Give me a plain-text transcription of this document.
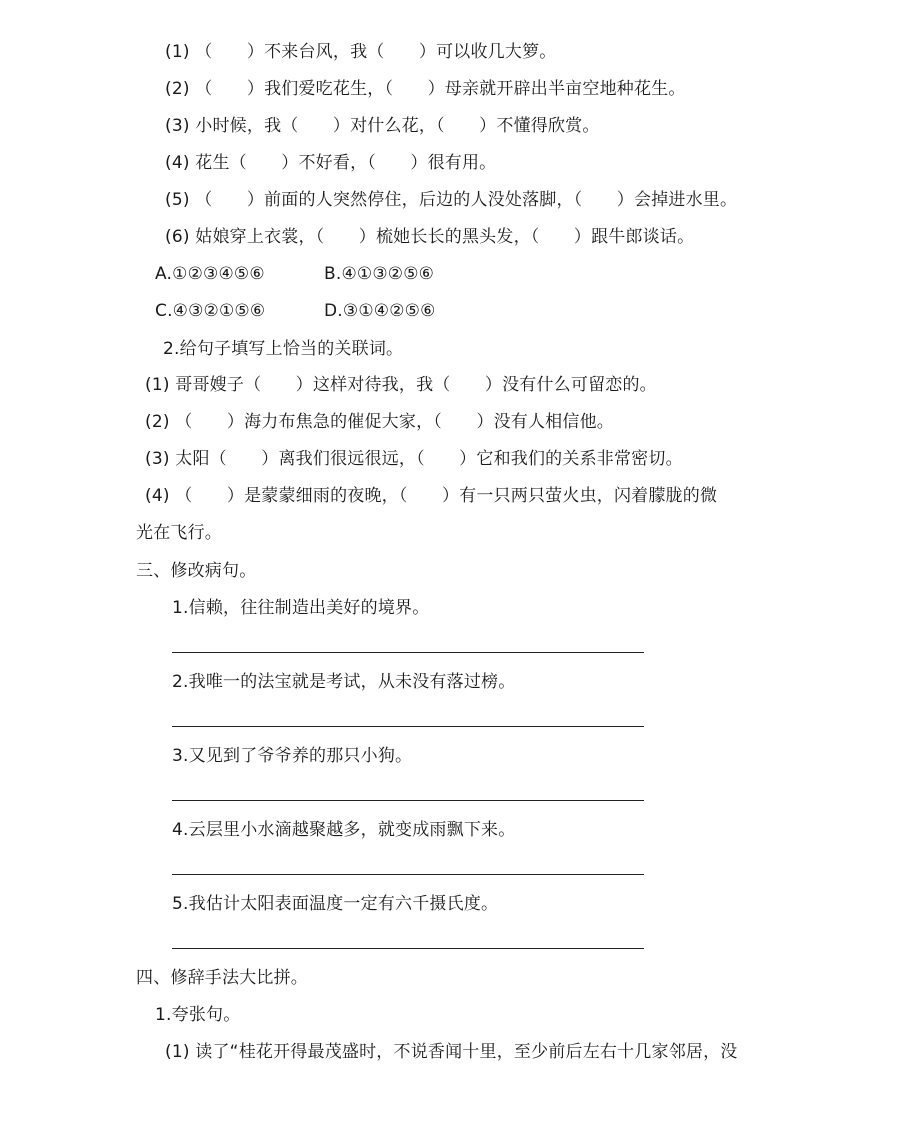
(1) （　　）不来台风，我（　　）可以收几大箩。
(2) （　　）我们爱吃花生，（　　）母亲就开辟出半亩空地种花生。
(3) 小时候，我（　　）对什么花，（　　）不懂得欣赏。
(4) 花生（　　）不好看，（　　）很有用。
(5) （　　）前面的人突然停住，后边的人没处落脚，（　　）会掉进水里。
(6) 姑娘穿上衣裳，（　　）梳她长长的黑头发，（　　）跟牛郎谈话。
A.①②③④⑤⑥	B.④①③②⑤⑥
C.④③②①⑤⑥	D.③①④②⑤⑥
2.给句子填写上恰当的关联词。
(1) 哥哥嫂子（　　）这样对待我，我（　　）没有什么可留恋的。
(2) （　　）海力布焦急的催促大家，（　　）没有人相信他。
(3) 太阳（　　）离我们很远很远，（　　）它和我们的关系非常密切。
(4) （　　）是蒙蒙细雨的夜晚，（　　）有一只两只萤火虫，闪着朦胧的微
光在飞行。
三、修改病句。
1.信赖，往往制造出美好的境界。
2.我唯一的法宝就是考试，从未没有落过榜。
3.又见到了爷爷养的那只小狗。
4.云层里小水滴越聚越多，就变成雨飘下来。
5.我估计太阳表面温度一定有六千摄氏度。
四、修辞手法大比拼。
1.夸张句。
(1) 读了“桂花开得最茂盛时，不说香闻十里，至少前后左右十几家邻居，没
